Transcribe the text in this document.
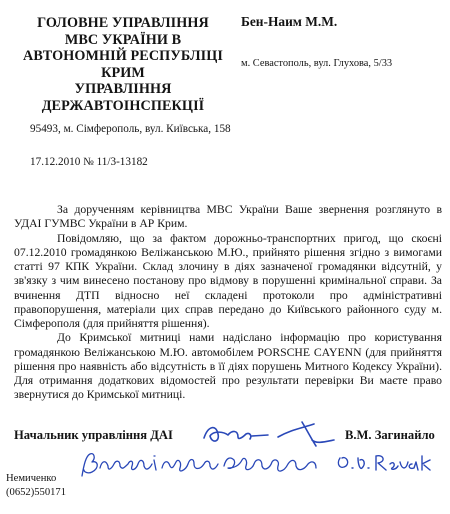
ГОЛОВНЕ УПРАВЛІННЯ
МВС УКРАЇНИ В
АВТОНОМНІЙ РЕСПУБЛІЦІ
КРИМ
УПРАВЛІННЯ
ДЕРЖАВТОІНСПЕКЦІЇ
95493, м. Сімферополь, вул. Київська, 158
17.12.2010 № 11/3-13182
Бен-Наим М.М.
м. Севастополь, вул. Глухова, 5/33

За дорученням керівництва МВС України Ваше звернення розглянуто в УДАІ ГУМВС України в АР Крим.

Повідомляю, що за фактом дорожньо-транспортних пригод, що скоєні 07.12.2010 громадянкою Веліжанською М.Ю., прийнято рішення згідно з вимогами статті 97 КПК України. Склад злочину в діях зазначеної громадянки відсутній, у зв'язку з чим винесено постанову про відмову в порушенні кримінальної справи. За вчинення ДТП відносно неї складені протоколи про адміністративні правопорушення, матеріали цих справ передано до Київського районного суду м. Сімферополя (для прийняття рішення).

До Кримської митниці нами надіслано інформацію про користування громадянкою Веліжанською М.Ю. автомобілем PORSCHE CAYENN (для прийняття рішення про наявність або відсутність в її діях порушень Митного Кодексу України). Для отримання додаткових відомостей про результати перевірки Ви маєте право звернутися до Кримської митниці.

Начальник управління ДАІ	В.М. Загинайло
Немиченко
(0652)550171
